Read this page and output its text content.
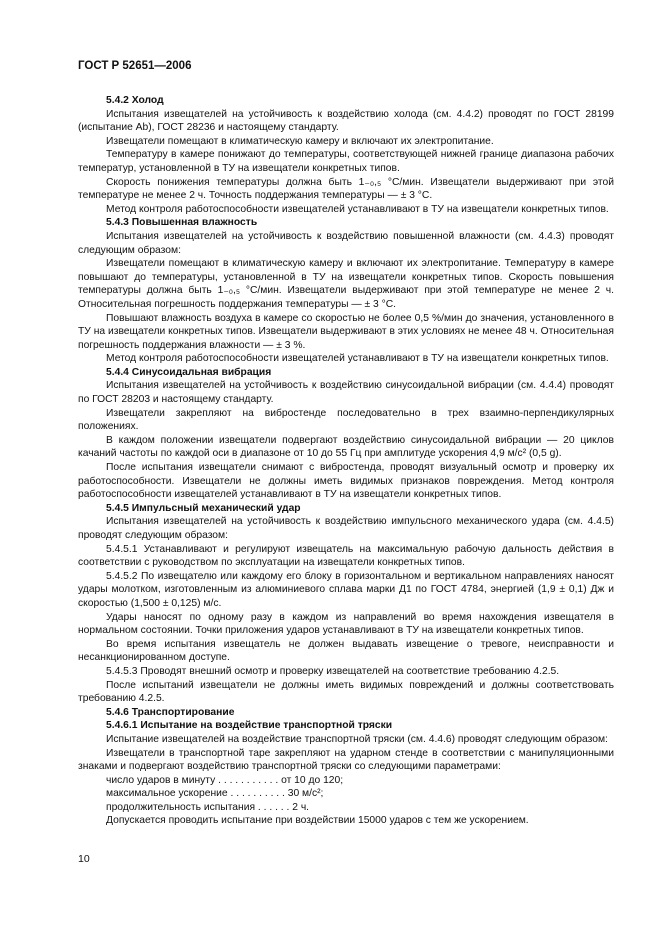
ГОСТ Р 52651—2006

5.4.2 Холод

Испытания извещателей на устойчивость к воздействию холода (см. 4.4.2) проводят по ГОСТ 28199 (испытание Ab), ГОСТ 28236 и настоящему стандарту.

Извещатели помещают в климатическую камеру и включают их электропитание.

Температуру в камере понижают до температуры, соответствующей нижней границе диапазона рабочих температур, установленной в ТУ на извещатели конкретных типов.

Скорость понижения температуры должна быть 1₋₀,₅ °С/мин. Извещатели выдерживают при этой температуре не менее 2 ч. Точность поддержания температуры — ± 3 °С.

Метод контроля работоспособности извещателей устанавливают в ТУ на извещатели конкретных типов.

5.4.3 Повышенная влажность

Испытания извещателей на устойчивость к воздействию повышенной влажности (см. 4.4.3) проводят следующим образом:

Извещатели помещают в климатическую камеру и включают их электропитание. Температуру в камере повышают до температуры, установленной в ТУ на извещатели конкретных типов. Скорость повышения температуры должна быть 1₋₀,₅ °С/мин. Извещатели выдерживают при этой температуре не менее 2 ч. Относительная погрешность поддержания температуры — ± 3 °С.

Повышают влажность воздуха в камере со скоростью не более 0,5 %/мин до значения, установленного в ТУ на извещатели конкретных типов. Извещатели выдерживают в этих условиях не менее 48 ч. Относительная погрешность поддержания влажности — ± 3 %.

Метод контроля работоспособности извещателей устанавливают в ТУ на извещатели конкретных типов.

5.4.4 Синусоидальная вибрация

Испытания извещателей на устойчивость к воздействию синусоидальной вибрации (см. 4.4.4) проводят по ГОСТ 28203 и настоящему стандарту.

Извещатели закрепляют на вибростенде последовательно в трех взаимно-перпендикулярных положениях.

В каждом положении извещатели подвергают воздействию синусоидальной вибрации — 20 циклов качаний частоты по каждой оси в диапазоне от 10 до 55 Гц при амплитуде ускорения 4,9 м/с² (0,5 g).

После испытания извещатели снимают с вибростенда, проводят визуальный осмотр и проверку их работоспособности. Извещатели не должны иметь видимых признаков повреждения. Метод контроля работоспособности извещателей устанавливают в ТУ на извещатели конкретных типов.

5.4.5 Импульсный механический удар

Испытания извещателей на устойчивость к воздействию импульсного механического удара (см. 4.4.5) проводят следующим образом:

5.4.5.1 Устанавливают и регулируют извещатель на максимальную рабочую дальность действия в соответствии с руководством по эксплуатации на извещатели конкретных типов.

5.4.5.2 По извещателю или каждому его блоку в горизонтальном и вертикальном направлениях наносят удары молотком, изготовленным из алюминиевого сплава марки Д1 по ГОСТ 4784, энергией (1,9 ± 0,1) Дж и скоростью (1,500 ± 0,125) м/с.

Удары наносят по одному разу в каждом из направлений во время нахождения извещателя в нормальном состоянии. Точки приложения ударов устанавливают в ТУ на извещатели конкретных типов.

Во время испытания извещатель не должен выдавать извещение о тревоге, неисправности и несанкционированном доступе.

5.4.5.3 Проводят внешний осмотр и проверку извещателей на соответствие требованию 4.2.5.

После испытаний извещатели не должны иметь видимых повреждений и должны соответствовать требованию 4.2.5.

5.4.6 Транспортирование

5.4.6.1 Испытание на воздействие транспортной тряски

Испытание извещателей на воздействие транспортной тряски (см. 4.4.6) проводят следующим образом:

Извещатели в транспортной таре закрепляют на ударном стенде в соответствии с манипуляционными знаками и подвергают воздействию транспортной тряски со следующими параметрами:

число ударов в минуту . . . . . . . . . . . от 10 до 120;

максимальное ускорение . . . . . . . . . . 30 м/с²;

продолжительность испытания . . . . . . 2 ч.

Допускается проводить испытание при воздействии 15000 ударов с тем же ускорением.

10
